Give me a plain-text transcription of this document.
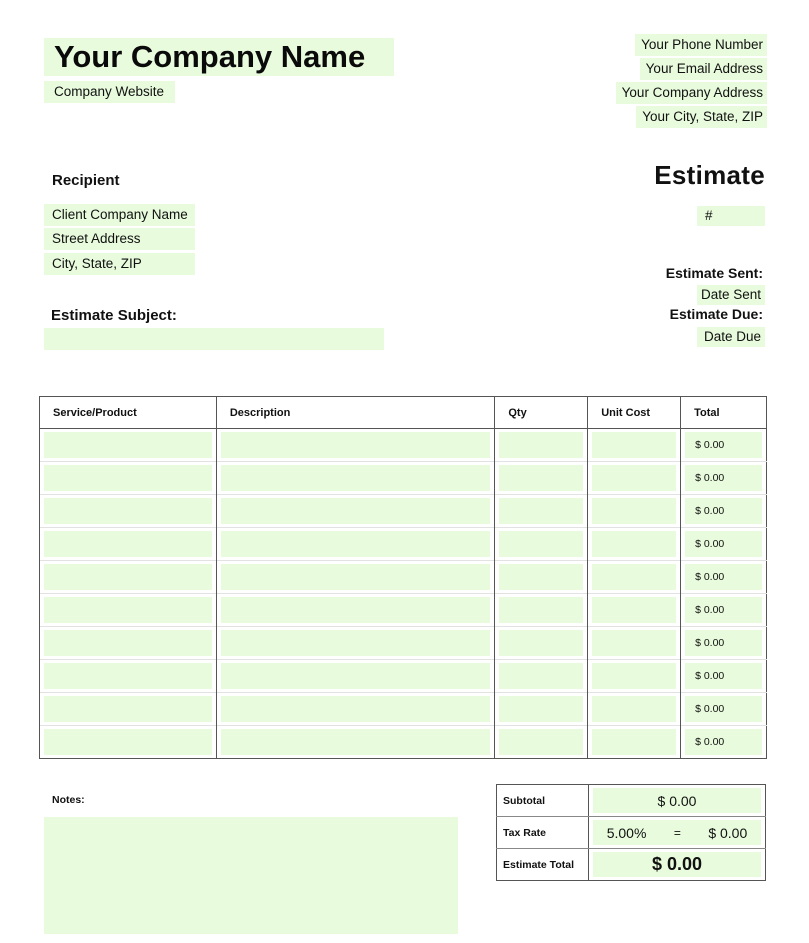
Your Company Name
Company Website
Your Phone Number
Your Email Address
Your Company Address
Your City, State, ZIP
Recipient
Client Company Name
Street Address
City, State, ZIP
Estimate Subject:
Estimate
#
Estimate Sent:
Date Sent
Estimate Due:
Date Due
Service/Product	Description	Qty	Unit Cost	Total

				$ 0.00

				$ 0.00

				$ 0.00

				$ 0.00

				$ 0.00

				$ 0.00

				$ 0.00

				$ 0.00

				$ 0.00

				$ 0.00
Notes:	Subtotal	$ 0.00

Tax Rate	5.00% = $ 0.00

Estimate Total	$ 0.00
